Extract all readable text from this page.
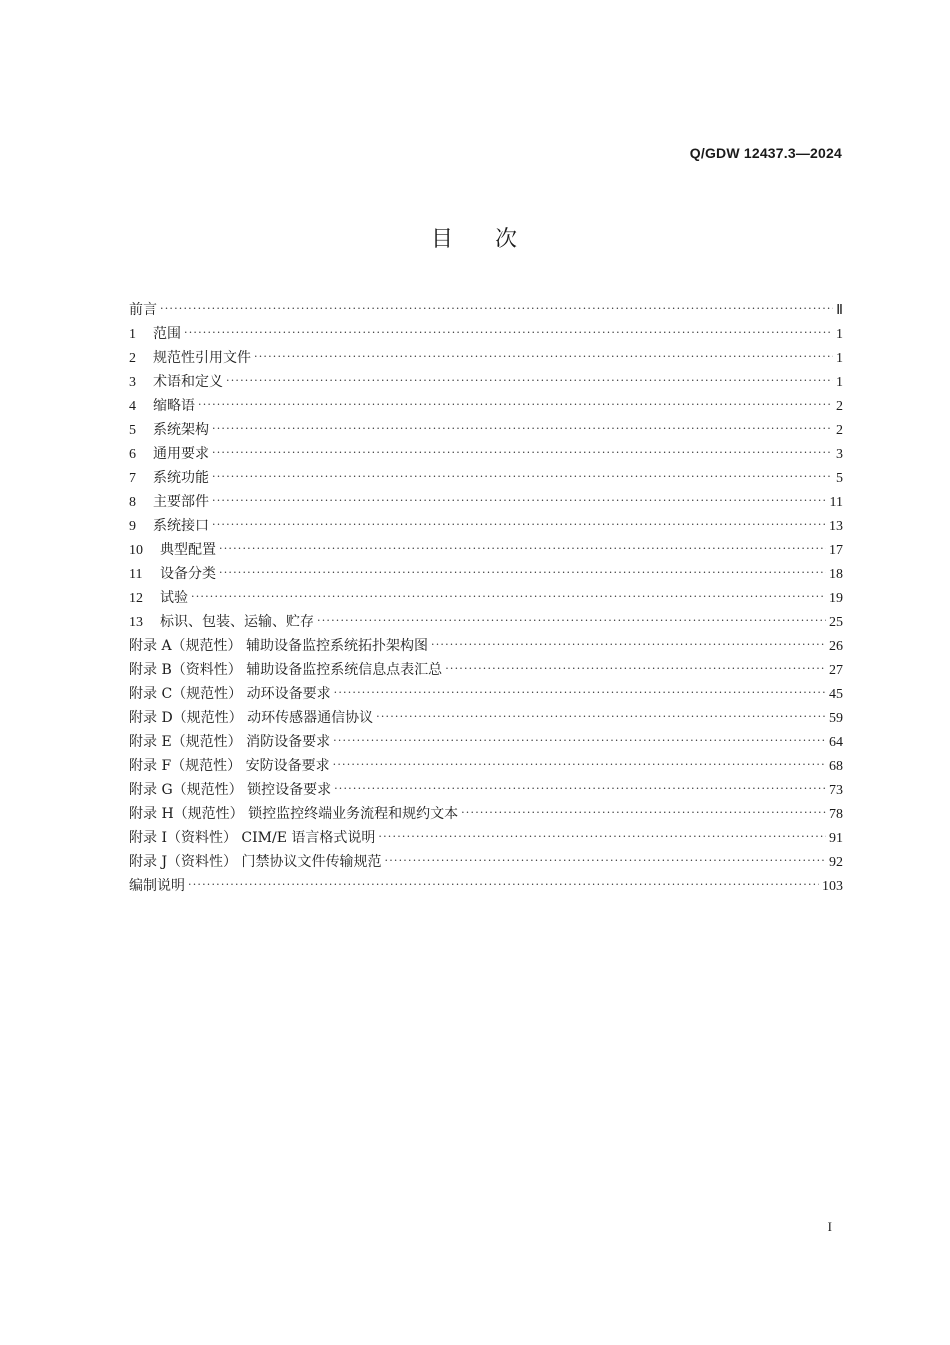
Q/GDW 12437.3—2024
目 次
前言 ·····	Ⅱ
1 范围 ·····	1
2 规范性引用文件 ·····	1
3 术语和定义 ·····	1
4 缩略语 ·····	2
5 系统架构 ·····	2
6 通用要求 ·····	3
7 系统功能 ·····	5
8 主要部件 ·····	11
9 系统接口 ·····	13
10 典型配置 ·····	17
11 设备分类 ·····	18
12 试验 ·····	19
13 标识、包装、运输、贮存 ·····	25
附录 A（规范性） 辅助设备监控系统拓扑架构图 ·····	26
附录 B（资料性） 辅助设备监控系统信息点表汇总 ·····	27
附录 C（规范性） 动环设备要求 ·····	45
附录 D（规范性） 动环传感器通信协议 ·····	59
附录 E（规范性） 消防设备要求 ·····	64
附录 F（规范性） 安防设备要求 ·····	68
附录 G（规范性） 锁控设备要求 ·····	73
附录 H（规范性） 锁控监控终端业务流程和规约文本 ·····	78
附录 I（资料性） CIM/E 语言格式说明 ·····	91
附录 J（资料性） 门禁协议文件传输规范 ·····	92
编制说明 ·····	103
I
